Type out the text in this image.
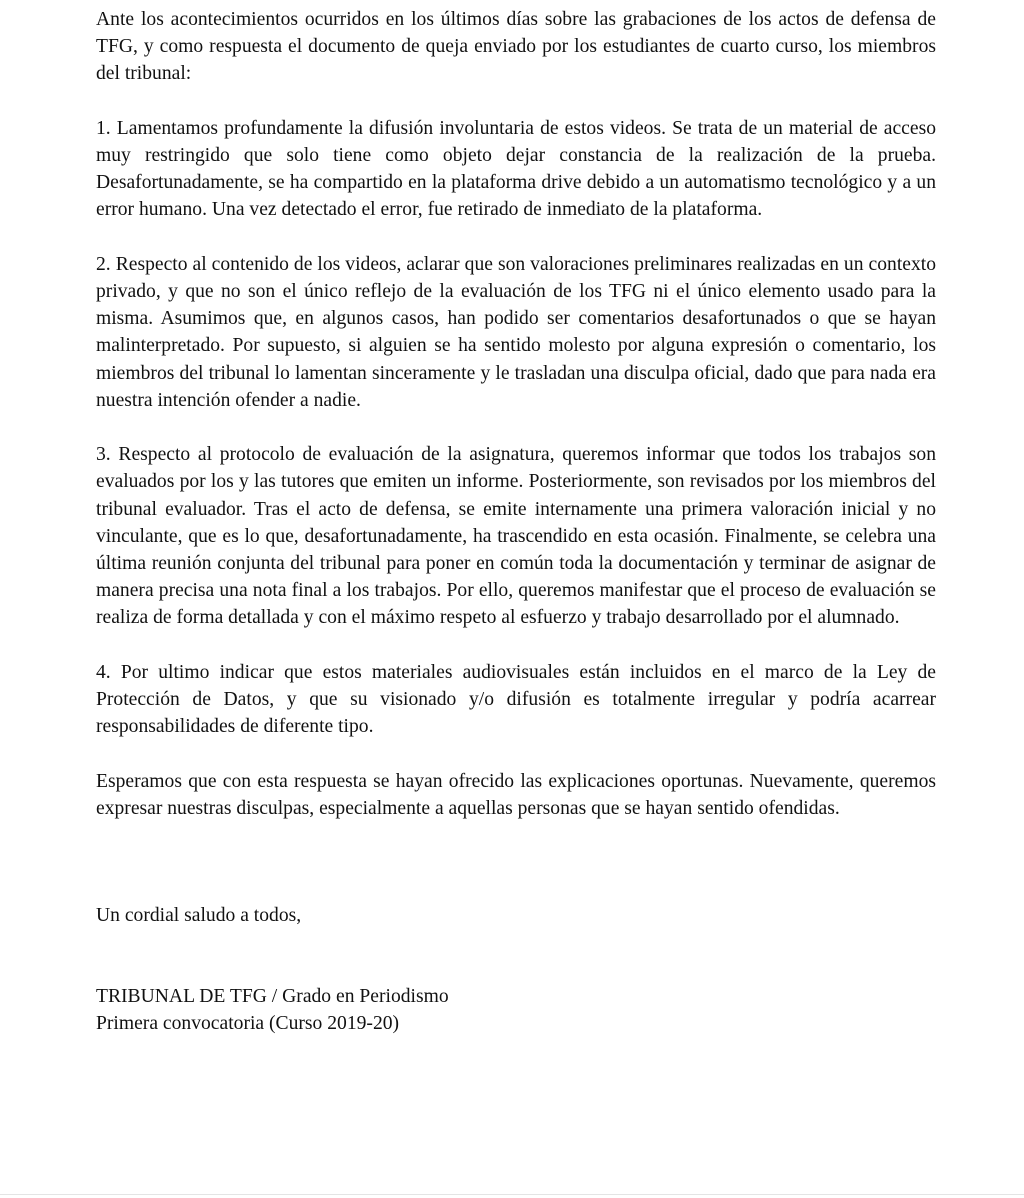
Ante los acontecimientos ocurridos en los últimos días sobre las grabaciones de los actos de defensa de TFG, y como respuesta el documento de queja enviado por los estudiantes de cuarto curso, los miembros del tribunal:

1. Lamentamos profundamente la difusión involuntaria de estos videos. Se trata de un material de acceso muy restringido que solo tiene como objeto dejar constancia de la realización de la prueba. Desafortunadamente, se ha compartido en la plataforma drive debido a un automatismo tecnológico y a un error humano. Una vez detectado el error, fue retirado de inmediato de la plataforma.

2. Respecto al contenido de los videos, aclarar que son valoraciones preliminares realizadas en un contexto privado, y que no son el único reflejo de la evaluación de los TFG ni el único elemento usado para la misma. Asumimos que, en algunos casos, han podido ser comentarios desafortunados o que se hayan malinterpretado. Por supuesto, si alguien se ha sentido molesto por alguna expresión o comentario, los miembros del tribunal lo lamentan sinceramente y le trasladan una disculpa oficial, dado que para nada era nuestra intención ofender a nadie.

3. Respecto al protocolo de evaluación de la asignatura, queremos informar que todos los trabajos son evaluados por los y las tutores que emiten un informe. Posteriormente, son revisados por los miembros del tribunal evaluador. Tras el acto de defensa, se emite internamente una primera valoración inicial y no vinculante, que es lo que, desafortunadamente, ha trascendido en esta ocasión. Finalmente, se celebra una última reunión conjunta del tribunal para poner en común toda la documentación y terminar de asignar de manera precisa una nota final a los trabajos. Por ello, queremos manifestar que el proceso de evaluación se realiza de forma detallada y con el máximo respeto al esfuerzo y trabajo desarrollado por el alumnado.

4. Por ultimo indicar que estos materiales audiovisuales están incluidos en el marco de la Ley de Protección de Datos, y que su visionado y/o difusión es totalmente irregular y podría acarrear responsabilidades de diferente tipo.

Esperamos que con esta respuesta se hayan ofrecido las explicaciones oportunas. Nuevamente, queremos expresar nuestras disculpas, especialmente a aquellas personas que se hayan sentido ofendidas.

Un cordial saludo a todos,

TRIBUNAL DE TFG / Grado en Periodismo

Primera convocatoria (Curso 2019-20)
